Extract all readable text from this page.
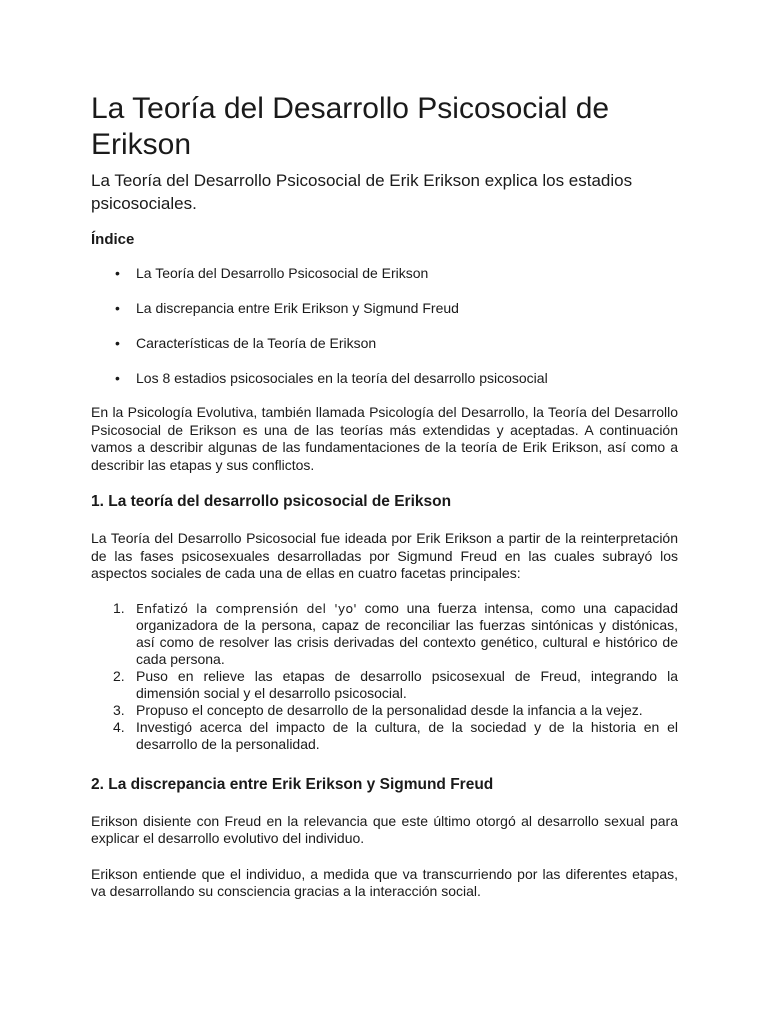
La Teoría del Desarrollo Psicosocial de Erikson

La Teoría del Desarrollo Psicosocial de Erik Erikson explica los estadios psicosociales.

Índice
• La Teoría del Desarrollo Psicosocial de Erikson
• La discrepancia entre Erik Erikson y Sigmund Freud
• Características de la Teoría de Erikson
• Los 8 estadios psicosociales en la teoría del desarrollo psicosocial

En la Psicología Evolutiva, también llamada Psicología del Desarrollo, la Teoría del Desarrollo Psicosocial de Erikson es una de las teorías más extendidas y aceptadas. A continuación vamos a describir algunas de las fundamentaciones de la teoría de Erik Erikson, así como a describir las etapas y sus conflictos.

1. La teoría del desarrollo psicosocial de Erikson

La Teoría del Desarrollo Psicosocial fue ideada por Erik Erikson a partir de la reinterpretación de las fases psicosexuales desarrolladas por Sigmund Freud en las cuales subrayó los aspectos sociales de cada una de ellas en cuatro facetas principales:

1. Enfatizó la comprensión del 'yo' como una fuerza intensa, como una capacidad organizadora de la persona, capaz de reconciliar las fuerzas sintónicas y distónicas, así como de resolver las crisis derivadas del contexto genético, cultural e histórico de cada persona.
2. Puso en relieve las etapas de desarrollo psicosexual de Freud, integrando la dimensión social y el desarrollo psicosocial.
3. Propuso el concepto de desarrollo de la personalidad desde la infancia a la vejez.
4. Investigó acerca del impacto de la cultura, de la sociedad y de la historia en el desarrollo de la personalidad.
2. La discrepancia entre Erik Erikson y Sigmund Freud

Erikson disiente con Freud en la relevancia que este último otorgó al desarrollo sexual para explicar el desarrollo evolutivo del individuo.

Erikson entiende que el individuo, a medida que va transcurriendo por las diferentes etapas, va desarrollando su consciencia gracias a la interacción social.
